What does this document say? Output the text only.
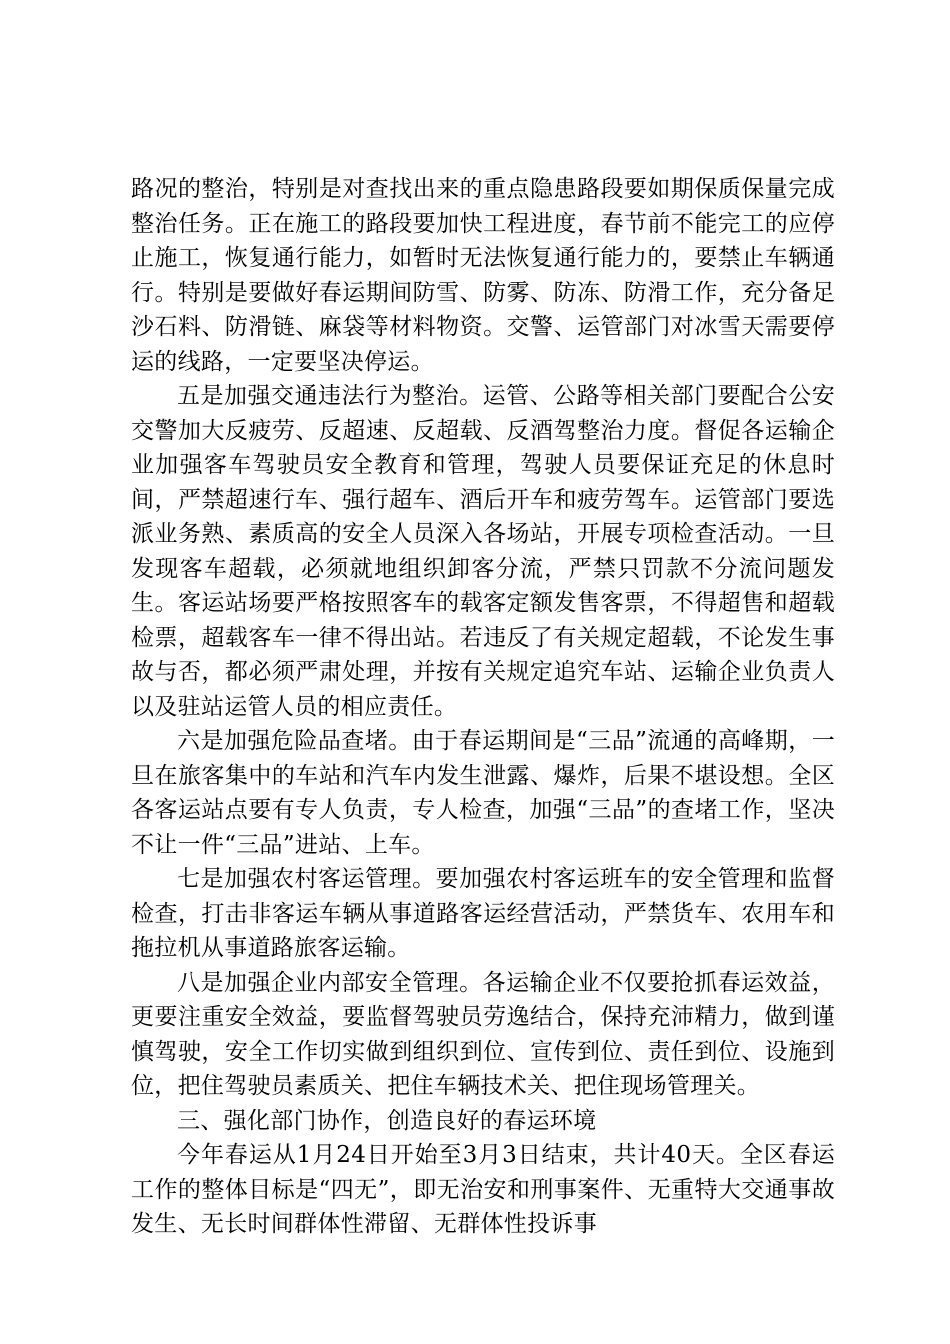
路况的整治，特别是对查找出来的重点隐患路段要如期保质保量完成整治任务。正在施工的路段要加快工程进度，春节前不能完工的应停止施工，恢复通行能力，如暂时无法恢复通行能力的，要禁止车辆通行。特别是要做好春运期间防雪、防雾、防冻、防滑工作，充分备足沙石料、防滑链、麻袋等材料物资。交警、运管部门对冰雪天需要停运的线路，一定要坚决停运。

五是加强交通违法行为整治。运管、公路等相关部门要配合公安交警加大反疲劳、反超速、反超载、反酒驾整治力度。督促各运输企业加强客车驾驶员安全教育和管理，驾驶人员要保证充足的休息时间，严禁超速行车、强行超车、酒后开车和疲劳驾车。运管部门要选派业务熟、素质高的安全人员深入各场站，开展专项检查活动。一旦发现客车超载，必须就地组织卸客分流，严禁只罚款不分流问题发生。客运站场要严格按照客车的载客定额发售客票，不得超售和超载检票，超载客车一律不得出站。若违反了有关规定超载，不论发生事故与否，都必须严肃处理，并按有关规定追究车站、运输企业负责人以及驻站运管人员的相应责任。

六是加强危险品查堵。由于春运期间是“三品”流通的高峰期，一旦在旅客集中的车站和汽车内发生泄露、爆炸，后果不堪设想。全区各客运站点要有专人负责，专人检查，加强“三品”的查堵工作，坚决不让一件“三品”进站、上车。

七是加强农村客运管理。要加强农村客运班车的安全管理和监督检查，打击非客运车辆从事道路客运经营活动，严禁货车、农用车和拖拉机从事道路旅客运输。

八是加强企业内部安全管理。各运输企业不仅要抢抓春运效益，更要注重安全效益，要监督驾驶员劳逸结合，保持充沛精力，做到谨慎驾驶，安全工作切实做到组织到位、宣传到位、责任到位、设施到位，把住驾驶员素质关、把住车辆技术关、把住现场管理关。

三、强化部门协作，创造良好的春运环境

今年春运从1月24日开始至3月3日结束，共计40天。全区春运工作的整体目标是“四无”，即无治安和刑事案件、无重特大交通事故发生、无长时间群体性滞留、无群体性投诉事
